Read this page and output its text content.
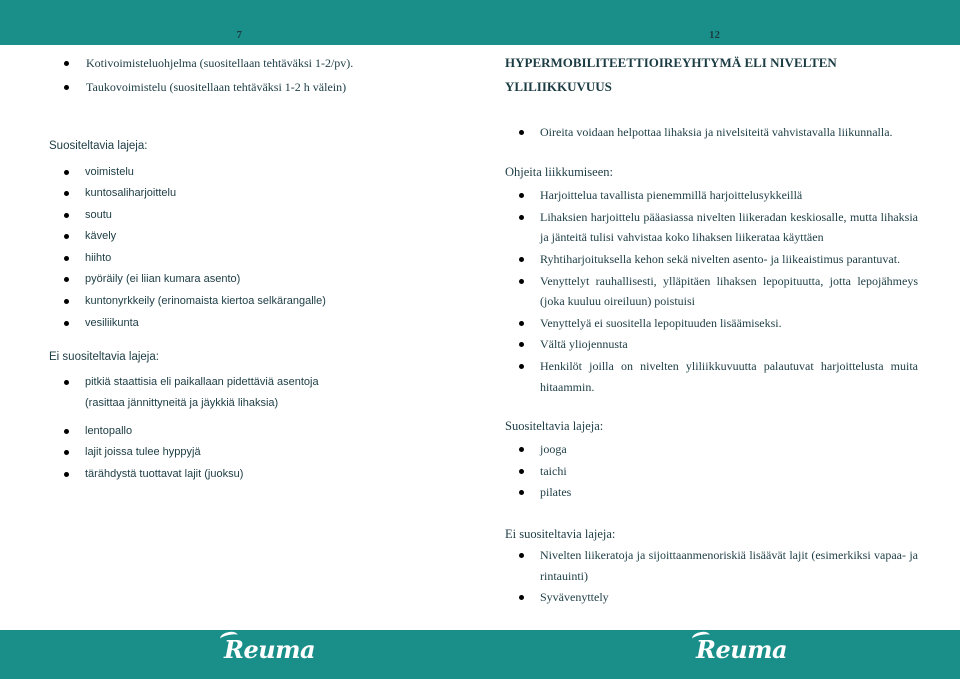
7
Kotivoimisteluohjelma (suositellaan tehtäväksi 1-2/pv).
Taukovoimistelu (suositellaan tehtäväksi 1-2 h välein)
Suositeltavia lajeja:
voimistelu
kuntosaliharjoittelu
soutu
kävely
hiihto
pyöräily (ei liian kumara asento)
kuntonyrkkeily (erinomaista kiertoa selkärangalle)
vesiliikunta
Ei suositeltavia lajeja:
pitkiä staattisia eli paikallaan pidettäviä asentoja
lentopallo
lajit joissa tulee hyppyjä
tärähdystä tuottavat lajit (juoksu)
(rasittaa jännittyneitä ja jäykkiä lihaksia)
Reuma
12
HYPERMOBILITEETTIOIREYHTYMÄ ELI NIVELTEN
YLILIIKKUVUUS
Oireita voidaan helpottaa lihaksia ja nivelsiteitä vahvistavalla liikunnalla.
Ohjeita liikkumiseen:
Harjoittelua tavallista pienemmillä harjoittelusykkeillä
Lihaksien harjoittelu pääasiassa nivelten liikeradan keskiosalle, mutta lihaksia
Ryhtiharjoituksella kehon sekä nivelten asento- ja liikeaistimus parantuvat.
Venyttelyt rauhallisesti, ylläpitäen lihaksen lepopituutta, jotta lepojähmeys
Venyttelyä ei suositella lepopituuden lisäämiseksi.
Vältä yliojennusta
Henkilöt joilla on nivelten yliliikkuvuutta palautuvat harjoittelusta muita
ja jänteitä tulisi vahvistaa koko lihaksen liikerataa käyttäen
(joka kuuluu oireiluun) poistuisi
hitaammin.
Suositeltavia lajeja:
jooga
taichi
pilates
Ei suositeltavia lajeja:
Nivelten liikeratoja ja sijoittaanmenoriskiä lisäävät lajit (esimerkiksi vapaa- ja
Syvävenyttely
rintauinti)
Reuma
